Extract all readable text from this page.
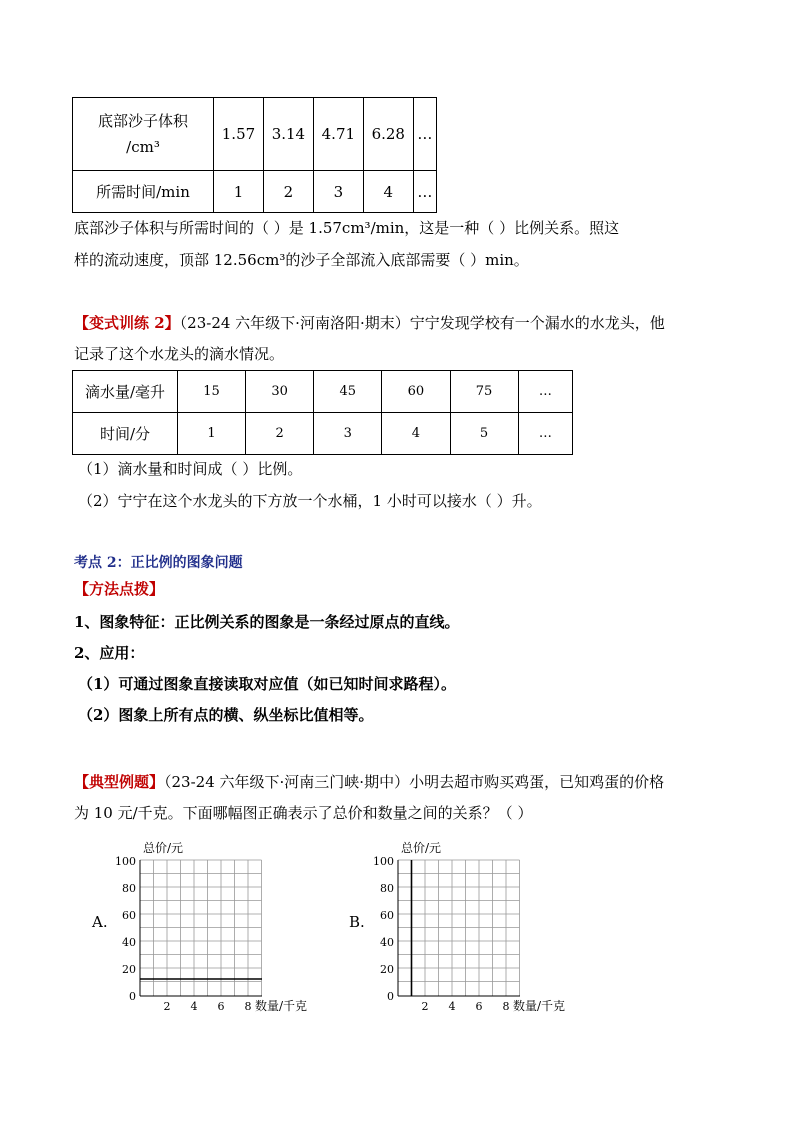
底部沙子体积
/cm³	1.57	3.14	4.71	6.28	…
所需时间/min	1	2	3	4	…
底部沙子体积与所需时间的（ ）是 1.57cm³/min，这是一种（ ）比例关系。照这
样的流动速度，顶部 12.56cm³的沙子全部流入底部需要（ ）min。
【变式训练 2】（23-24 六年级下·河南洛阳·期末）宁宁发现学校有一个漏水的水龙头，他
记录了这个水龙头的滴水情况。
滴水量/毫升	15	30	45	60	75	…
时间/分	1	2	3	4	5	…
（1）滴水量和时间成（ ）比例。
（2）宁宁在这个水龙头的下方放一个水桶，1 小时可以接水（ ）升。
考点 2：正比例的图象问题
【方法点拨】
1、图象特征：正比例关系的图象是一条经过原点的直线。
2、应用：
（1）可通过图象直接读取对应值（如已知时间求路程）。
（2）图象上所有点的横、纵坐标比值相等。
【典型例题】（23-24 六年级下·河南三门峡·期中）小明去超市购买鸡蛋，已知鸡蛋的价格
为 10 元/千克。下面哪幅图正确表示了总价和数量之间的关系？（ ）
A.
总价/元
100
80
60
40
20
0
2 4 6 8 数量/千克
B.
总价/元
100
80
60
40
20
0
2 4 6 8 数量/千克
